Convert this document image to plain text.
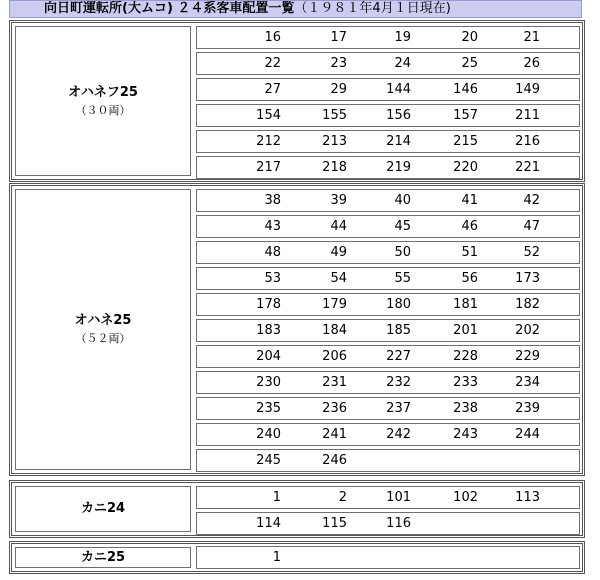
向日町運転所(大ムコ) ２４系客車配置一覧（１９８１年4月１日現在)
オハネフ25
（３０両）
16	17	19	20	21
22	23	24	25	26
27	29	144	146	149
154	155	156	157	211
212	213	214	215	216
217	218	219	220	221
オハネ25
（５２両）
38	39	40	41	42
43	44	45	46	47
48	49	50	51	52
53	54	55	56	173
178	179	180	181	182
183	184	185	201	202
204	206	227	228	229
230	231	232	233	234
235	236	237	238	239
240	241	242	243	244
245	246
カニ24
1	2	101	102	113
114	115	116
カニ25	1
